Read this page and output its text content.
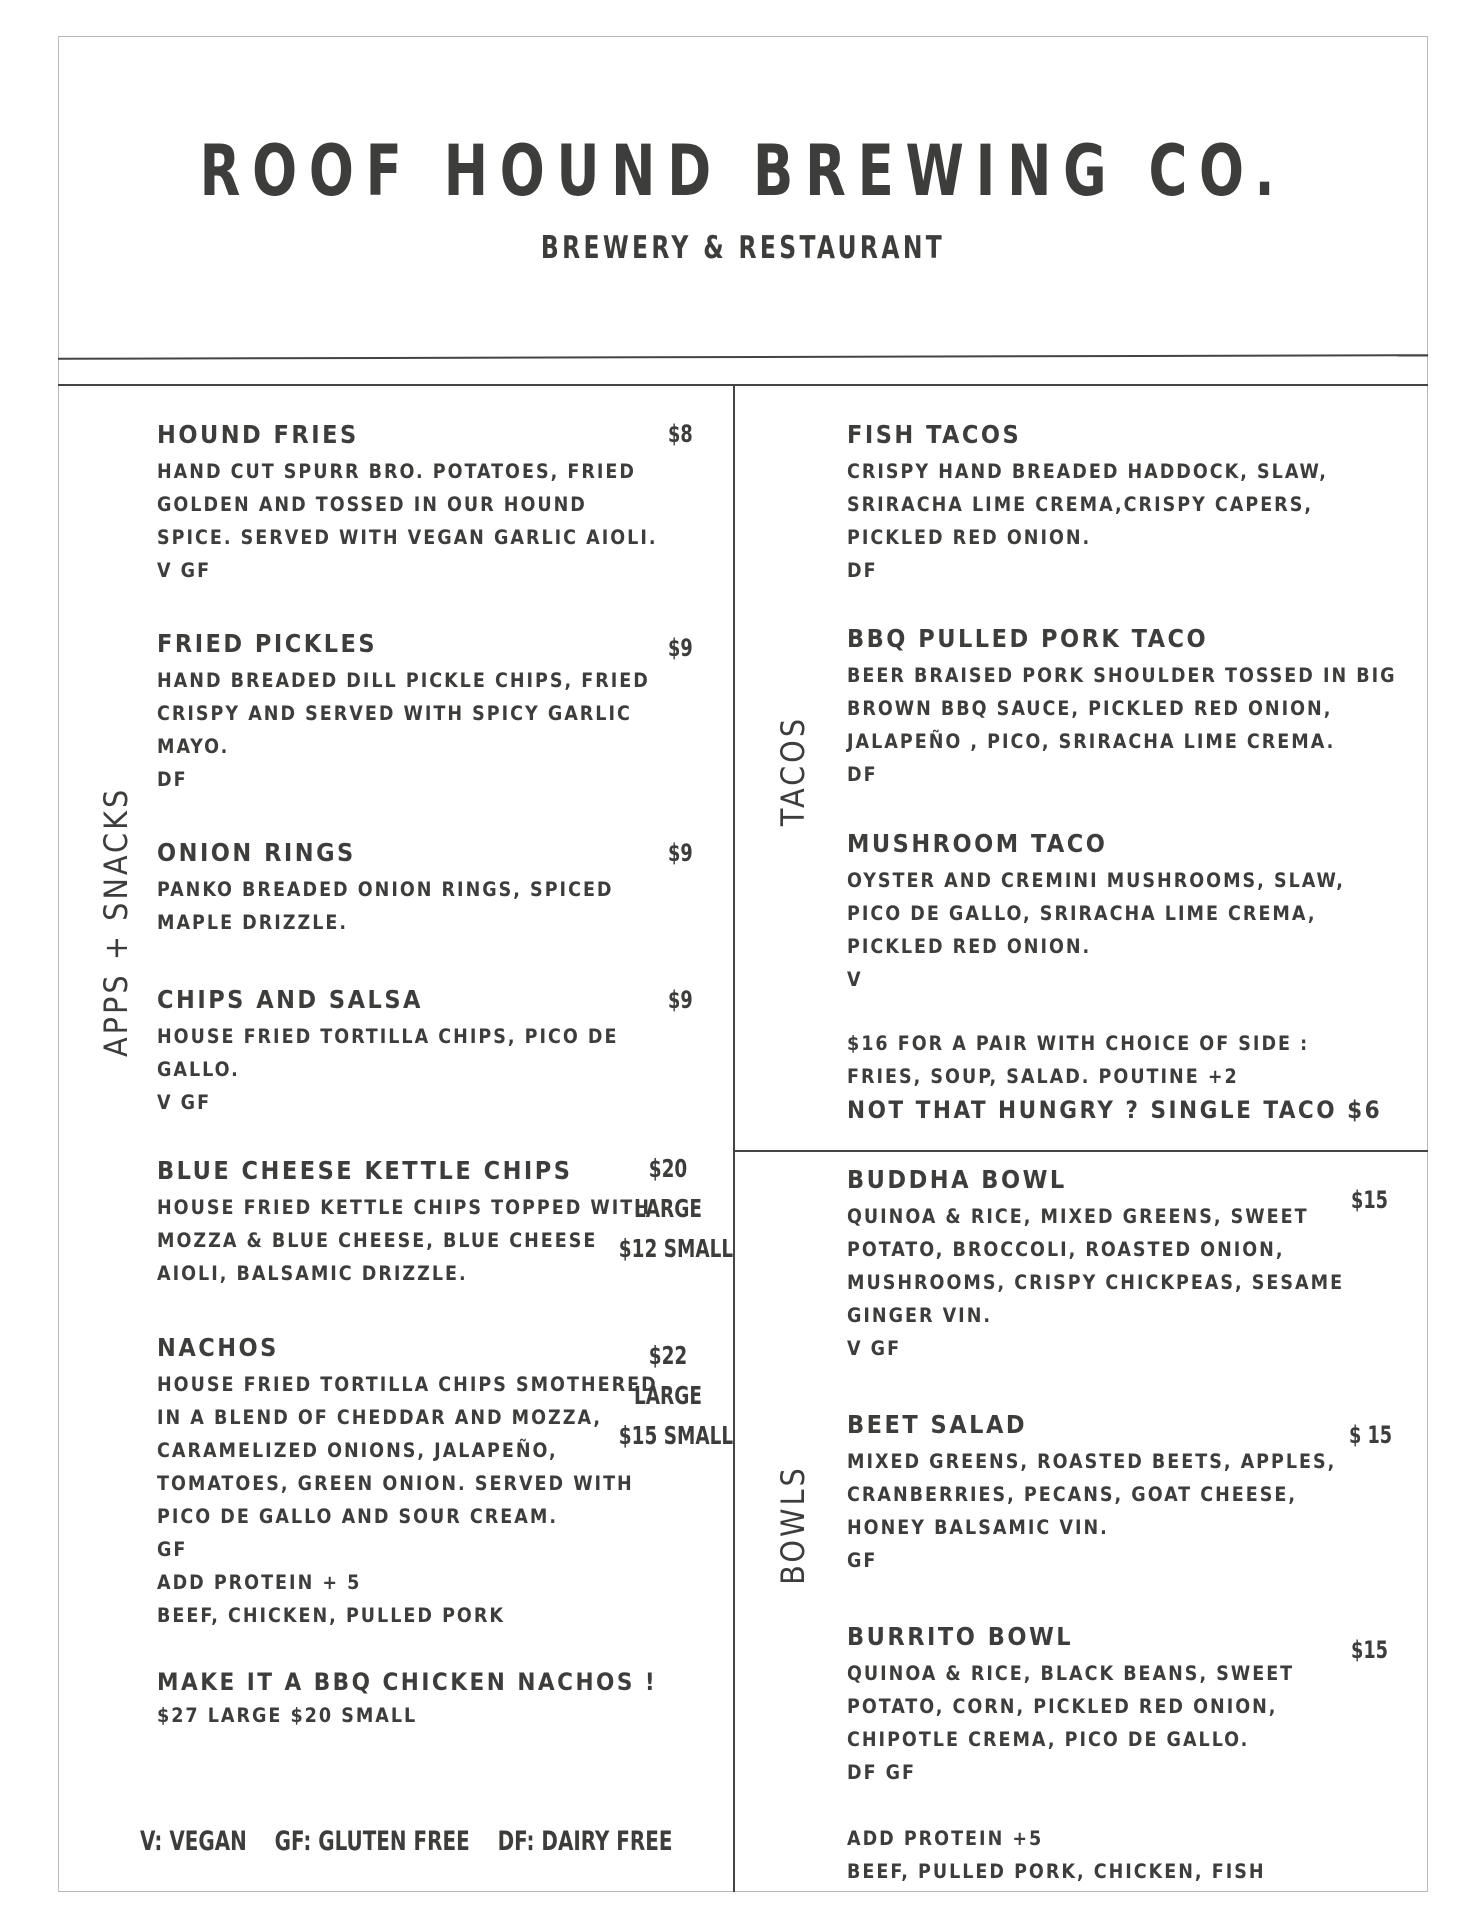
ROOF HOUND BREWING CO.
BREWERY & RESTAURANT
APPS + SNACKS
TACOS
BOWLS
HOUND FRIES
HAND CUT SPURR BRO. POTATOES, FRIED
GOLDEN AND TOSSED IN OUR HOUND
SPICE. SERVED WITH VEGAN GARLIC AIOLI.
V GF
$8
FRIED PICKLES
HAND BREADED DILL PICKLE CHIPS, FRIED
CRISPY AND SERVED WITH SPICY GARLIC
MAYO.
DF
$9
ONION RINGS
PANKO BREADED ONION RINGS, SPICED
MAPLE DRIZZLE.
$9
CHIPS AND SALSA
HOUSE FRIED TORTILLA CHIPS, PICO DE
GALLO.
V GF
$9
BLUE CHEESE KETTLE CHIPS
HOUSE FRIED KETTLE CHIPS TOPPED WITH
MOZZA & BLUE CHEESE, BLUE CHEESE
AIOLI, BALSAMIC DRIZZLE.
$20
LARGE
$12 SMALL
NACHOS
HOUSE FRIED TORTILLA CHIPS SMOTHERED
IN A BLEND OF CHEDDAR AND MOZZA,
CARAMELIZED ONIONS, JALAPEÑO,
TOMATOES, GREEN ONION. SERVED WITH
PICO DE GALLO AND SOUR CREAM.
GF
ADD PROTEIN + 5
BEEF, CHICKEN, PULLED PORK
$22
LARGE
$15 SMALL
MAKE IT A BBQ CHICKEN NACHOS !
$27 LARGE $20 SMALL
V: VEGAN GF: GLUTEN FREE DF: DAIRY FREE
FISH TACOS
CRISPY HAND BREADED HADDOCK, SLAW,
SRIRACHA LIME CREMA,CRISPY CAPERS,
PICKLED RED ONION.
DF
BBQ PULLED PORK TACO
BEER BRAISED PORK SHOULDER TOSSED IN BIG
BROWN BBQ SAUCE, PICKLED RED ONION,
JALAPEÑO , PICO, SRIRACHA LIME CREMA.
DF
MUSHROOM TACO
OYSTER AND CREMINI MUSHROOMS, SLAW,
PICO DE GALLO, SRIRACHA LIME CREMA,
PICKLED RED ONION.
V
$16 FOR A PAIR WITH CHOICE OF SIDE :
FRIES, SOUP, SALAD. POUTINE +2
NOT THAT HUNGRY ? SINGLE TACO $6
BUDDHA BOWL
QUINOA & RICE, MIXED GREENS, SWEET
POTATO, BROCCOLI, ROASTED ONION,
MUSHROOMS, CRISPY CHICKPEAS, SESAME
GINGER VIN.
V GF
$15
BEET SALAD
MIXED GREENS, ROASTED BEETS, APPLES,
CRANBERRIES, PECANS, GOAT CHEESE,
HONEY BALSAMIC VIN.
GF
$ 15
BURRITO BOWL
QUINOA & RICE, BLACK BEANS, SWEET
POTATO, CORN, PICKLED RED ONION,
CHIPOTLE CREMA, PICO DE GALLO.
DF GF
$15
ADD PROTEIN +5
BEEF, PULLED PORK, CHICKEN, FISH
